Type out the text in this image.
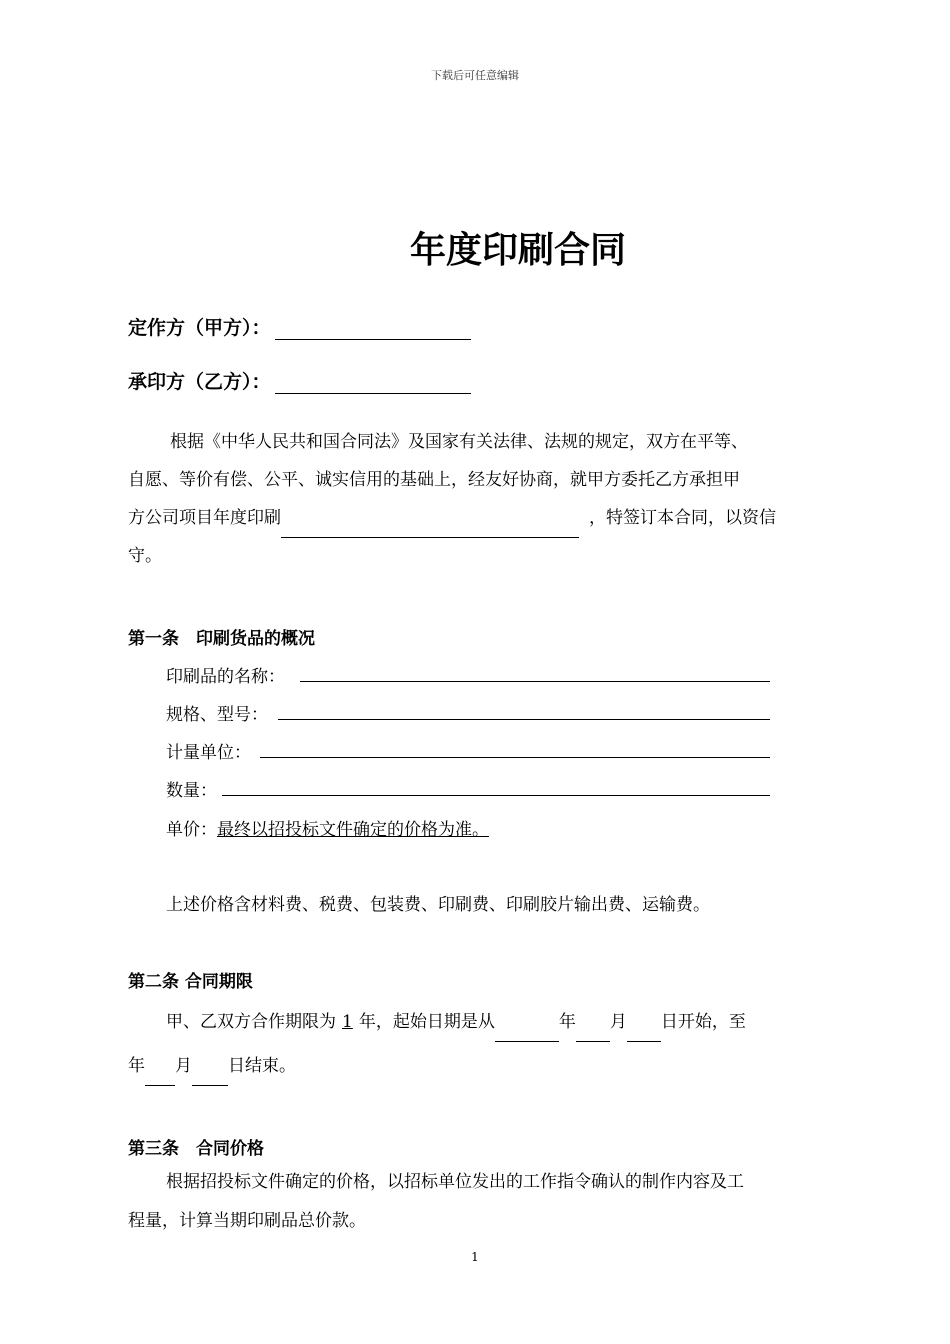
下载后可任意编辑
年度印刷合同
定作方（甲方）：
承印方（乙方）：
根据《中华人民共和国合同法》及国家有关法律、法规的规定，双方在平等、
自愿、等价有偿、公平、诚实信用的基础上，经友好协商，就甲方委托乙方承担甲
方公司项目年度印刷	，特签订本合同，以资信
守。
第一条　印刷货品的概况
印刷品的名称：
规格、型号：
计量单位：
数量：
单价：最终以招投标文件确定的价格为准。
上述价格含材料费、税费、包装费、印刷费、印刷胶片输出费、运输费。
第二条 合同期限
甲、乙双方合作期限为 1 年，起始日期是从	年 月 日开始，至
年 月 日结束。
第三条　合同价格
根据招投标文件确定的价格，以招标单位发出的工作指令确认的制作内容及工
程量，计算当期印刷品总价款。
1
